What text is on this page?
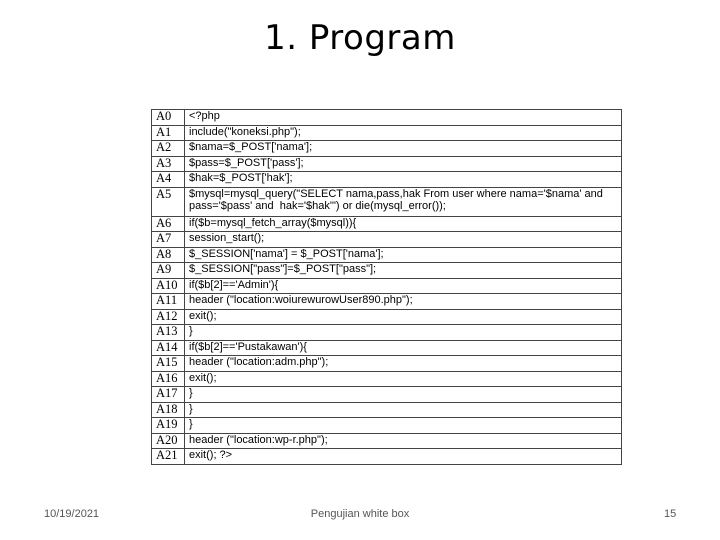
1. Program
A0	<?php
A1	include("koneksi.php");
A2	$nama=$_POST['nama'];
A3	$pass=$_POST['pass'];
A4	$hak=$_POST['hak'];
A5	$mysql=mysql_query("SELECT nama,pass,hak From user where nama='$nama' and pass='$pass' and  hak='$hak'") or die(mysql_error());
A6	if($b=mysql_fetch_array($mysql)){
A7	session_start();
A8	$_SESSION['nama'] = $_POST['nama'];
A9	$_SESSION["pass"]=$_POST["pass"];
A10	if($b[2]=='Admin'){
A11	header ("location:woiurewurowUser890.php");
A12	exit();
A13	}
A14	if($b[2]=='Pustakawan'){
A15	header ("location:adm.php");
A16	exit();
A17	}
A18	}
A19	}
A20	header ("location:wp-r.php");
A21	exit(); ?>
10/19/2021	Pengujian white box	15
